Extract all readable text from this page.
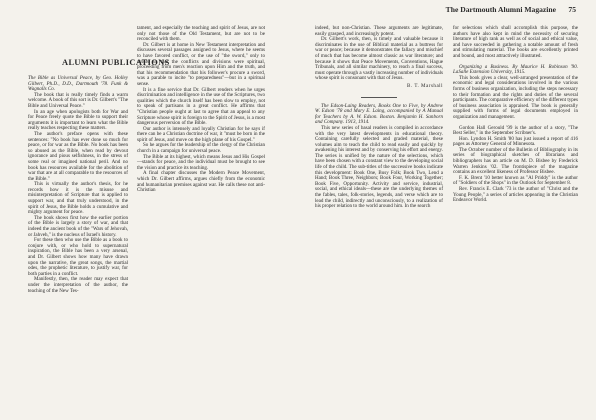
The Dartmouth Alumni Magazine 75
ALUMNI PUBLICATIONS

The Bible as Universal Peace, by Geo. Holley Gilbert, Ph.D., D.D., Dartmouth '78. Funk & Wagnalls Co.

The book that is really timely finds a warm welcome. A book of this sort is Dr. Gilbert's "The Bible and Universal Peace."

In an age when apologists both for War and for Peace freely quote the Bible to support their arguments it is important to learn what the Bible really teaches respecting these matters.

The author's preface opens with these sentences: "No book has ever done so much for peace, or for war as the Bible. No book has been so abused as the Bible, when read by devout ignorance and pious selfishness, in the stress of some real or imagined national peril. And no book has resources available for the abolition of war that are at all comparable to the resources of the Bible."

This is virtually the author's thesis, for he records how it is the misuse and misinterpretation of Scripture that is applied to support war, and that truly understood, in the spirit of Jesus, the Bible holds a cumulative and mighty argument for peace.

The book shows first how the earlier portion of the Bible is largely a story of war, and that indeed the ancient book of the "Wars of Jehovah, or Jahveh," is the nucleus of Israel's history.

For these then who use the Bible as a book to conjure with, or who hold to supernatural inspiration, the Bible has been a very arsenal, and Dr. Gilbert shows how many have drawn upon the narrative, the great songs, the martial odes, the prophetic literature, to justify war, for both parties in a conflict.

Manifestly, then, the reader may expect that under the interpretation of the author, the teaching of the New Tes-

tament, and especially the teaching and spirit of Jesus, are not only not those of the Old Testament, but are not to be reconciled with them.

Dr. Gilbert is at home in New Testament interpretation and discusses several passages assigned to Jesus, where he seems to have favored conflict, or the use of "the sword," only to assure us that the conflicts and divisions were spiritual, proceeding from men's reaction upon Him and the truth, and that his recommendation that his follower's procure a sword, was a parable to incite "to preparedness"—but in a spiritual sense.

It is a fine service that Dr. Gilbert renders when he urges discrimination and intelligence in the use of the Scriptures, two qualities which the church itself has been slow to employ, not to speak of partisans in a great conflict. He affirms that "Christian people ought at last to agree that an appeal to any Scripture whose spirit is foreign to the Spirit of Jesus, is a most dangerous perversion of the Bible.

Our author is intensely and loyally Christian for he says if there can be a Christian doctrine of war, it "must be born in the spirit of Jesus, and move on the high plane of his Gospel."

So he argues for the leadership of the clergy of the Christian church in a campaign for universal peace.

The Bible at its highest, which means Jesus and His Gospel—stands for peace, and the individual must be brought to see the vision and practice its teaching.

A final chapter discusses the Modern Peace Movement, which Dr. Gilbert affirms, argues chiefly from the economic and humanitarian premises against war. He calls these not anti-Christian

indeed, but non-Christian. These arguments are legitimate, easily grasped, and increasingly potent.

Dr. Gilbert's work, then, is timely and valuable because it discriminates in the use of Biblical material as a buttress for war or peace; because it demonstrates the fallacy and mischief of much that has become almost classic as war literature; and because it shows that Peace Movements, Conventions, Hague Tribunals, and all similar machinery, to reach a final success, must operate through a vastly increasing number of individuals whose spirit is consonant with that of Jesus.

B. T. Marshall

The Edson-Laing Readers, Books One to Five, by Andrew W. Edson '78 and Mary E. Laing, accompanied by A Manual for Teachers by A. W. Edson. Boston. Benjamin H. Sanborn and Company. 1913, 1914.

This new series of basal readers is compiled in accordance with the very latest developments in educational theory. Containing carefully selected and graded material, these volumes aim to teach the child to read easily and quickly by awakening his interest and by conserving his effort and energy. The series is unified by the nature of the selections, which have been chosen with a constant view to the developing social life of the child. The sub-titles of the successive books indicate this development: Book One, Busy Folk; Book Two, Lend a Hand; Book Three, Neighbors; Book Four, Working Together; Book Five, Opportunity. Activity and service, industrial, social, and ethical ideals—these are the underlying themes of the fables, tales, folk-stories, legends, and verse which are to lead the child, indirectly and unconsciously, to a realization of his proper relation to the world around him. In the search

for selections which shall accomplish this purpose, the authors have also kept in mind the necessity of securing literature of high rank as well as of social and ethical value, and have succeeded in gathering a notable amount of fresh and stimulating material. The books are excellently printed and bound, and most attractively illustrated.

Organizing a Business. By Maurice H. Robinson '90. LaSalle Extension University, 1915.

This book gives a clear, well-arranged presentation of the economic and legal considerations involved in the various forms of business organization, including the steps necessary to their formation and the rights and duties of the several participants. The comparative efficiency of the different types of business association is appraised. The book is generally supplied with forms of legal documents employed in organization and management.

Gordon Hall Gerould '99 is the author of a story, "The Best Seller," in the September Scribner's.

Hon. Lyndon H. Smith '80 has just issued a report of 416 pages as Attorney General of Minnesota.

The October number of the Bulletin of Bibliography in its series of biographical sketches of librarians and bibliographers has an article on M. D. Bisbee by Frederick Warren Jenkins '02. The frontispiece of the magazine contains an excellent likeness of Professor Bisbee.

F. K. Brent '10 better known as "Al Priddy" is the author of "Soldiers of the Shops" in the Outlook for September 8.

Rev. Francis E. Clark '73 is the author of "Christ and the Young People," a series of articles appearing in the Christian Endeavor World.
